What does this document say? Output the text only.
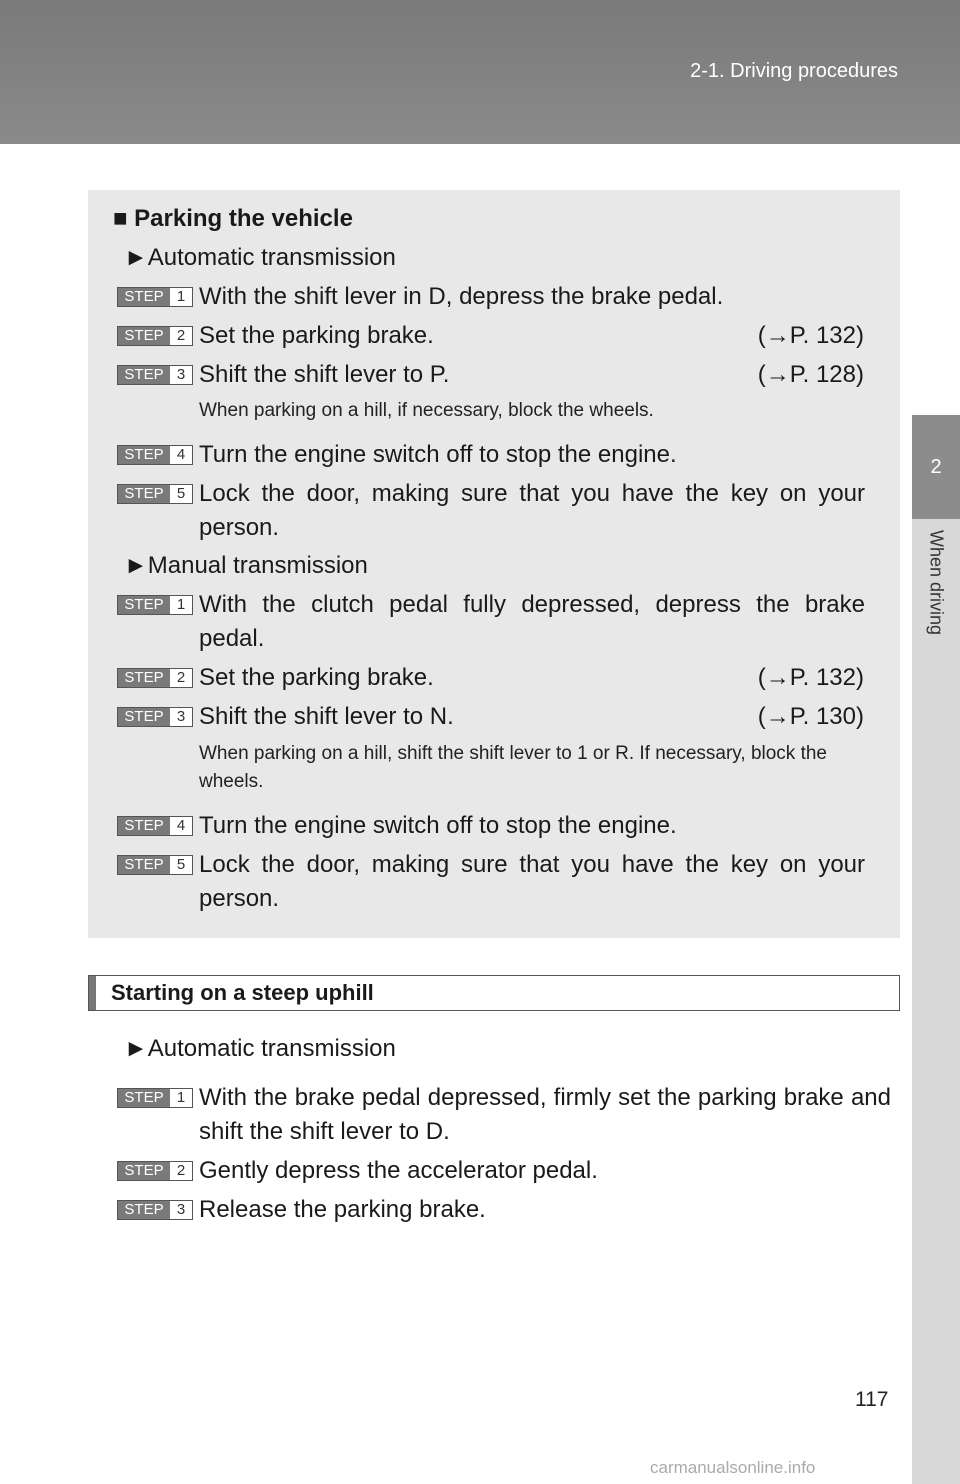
2-1. Driving procedures
2
When driving
■ Parking the vehicle
►Automatic transmission
STEP 1 With the shift lever in D, depress the brake pedal.
STEP 2 Set the parking brake.	(→P. 132)
STEP 3 Shift the shift lever to P.	(→P. 128)
When parking on a hill, if necessary, block the wheels.
STEP 4 Turn the engine switch off to stop the engine.
STEP 5 Lock the door, making sure that you have the key on your person.
►Manual transmission
STEP 1 With the clutch pedal fully depressed, depress the brake pedal.
STEP 2 Set the parking brake.	(→P. 132)
STEP 3 Shift the shift lever to N.	(→P. 130)
When parking on a hill, shift the shift lever to 1 or R. If necessary, block the wheels.
STEP 4 Turn the engine switch off to stop the engine.
STEP 5 Lock the door, making sure that you have the key on your person.
Starting on a steep uphill
►Automatic transmission
STEP 1 With the brake pedal depressed, firmly set the parking brake and shift the shift lever to D.
STEP 2 Gently depress the accelerator pedal.
STEP 3 Release the parking brake.
117
carmanualsonline.info
